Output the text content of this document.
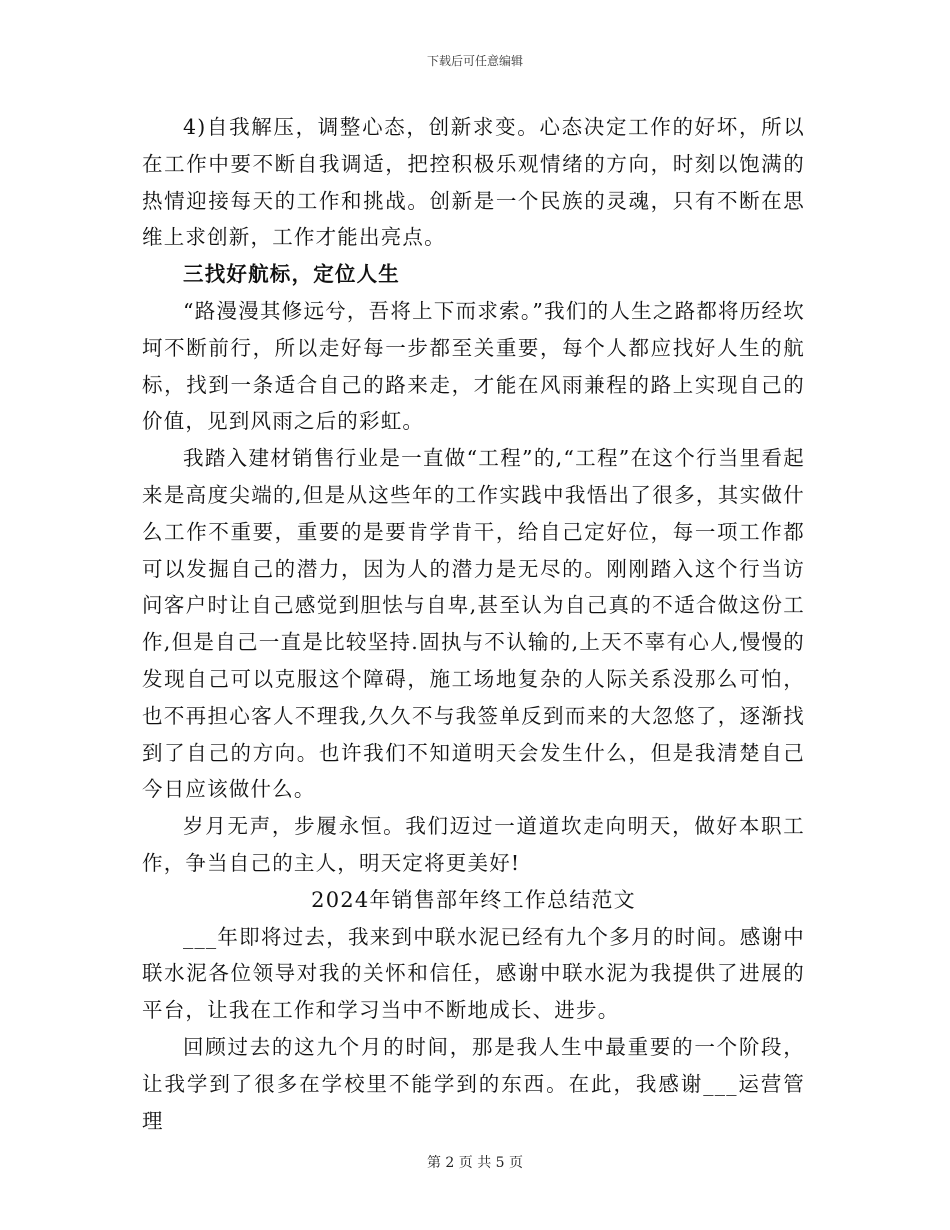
下载后可任意编辑

4)自我解压，调整心态，创新求变。心态决定工作的好坏，所以在工作中要不断自我调适，把控积极乐观情绪的方向，时刻以饱满的热情迎接每天的工作和挑战。创新是一个民族的灵魂，只有不断在思维上求创新，工作才能出亮点。

三找好航标，定位人生

“路漫漫其修远兮，吾将上下而求索。”我们的人生之路都将历经坎坷不断前行，所以走好每一步都至关重要，每个人都应找好人生的航标，找到一条适合自己的路来走，才能在风雨兼程的路上实现自己的价值，见到风雨之后的彩虹。

我踏入建材销售行业是一直做“工程”的,“工程”在这个行当里看起来是高度尖端的,但是从这些年的工作实践中我悟出了很多，其实做什么工作不重要，重要的是要肯学肯干，给自己定好位，每一项工作都可以发掘自己的潜力，因为人的潜力是无尽的。刚刚踏入这个行当访问客户时让自己感觉到胆怯与自卑,甚至认为自己真的不适合做这份工作,但是自己一直是比较坚持.固执与不认输的,上天不辜有心人,慢慢的发现自己可以克服这个障碍，施工场地复杂的人际关系没那么可怕，也不再担心客人不理我,久久不与我签单反到而来的大忽悠了，逐渐找到了自己的方向。也许我们不知道明天会发生什么，但是我清楚自己今日应该做什么。

岁月无声，步履永恒。我们迈过一道道坎走向明天，做好本职工作，争当自己的主人，明天定将更美好!

2024年销售部年终工作总结范文

___年即将过去，我来到中联水泥已经有九个多月的时间。感谢中联水泥各位领导对我的关怀和信任，感谢中联水泥为我提供了进展的平台，让我在工作和学习当中不断地成长、进步。

回顾过去的这九个月的时间，那是我人生中最重要的一个阶段，让我学到了很多在学校里不能学到的东西。在此，我感谢___运营管理

第 2 页 共 5 页
